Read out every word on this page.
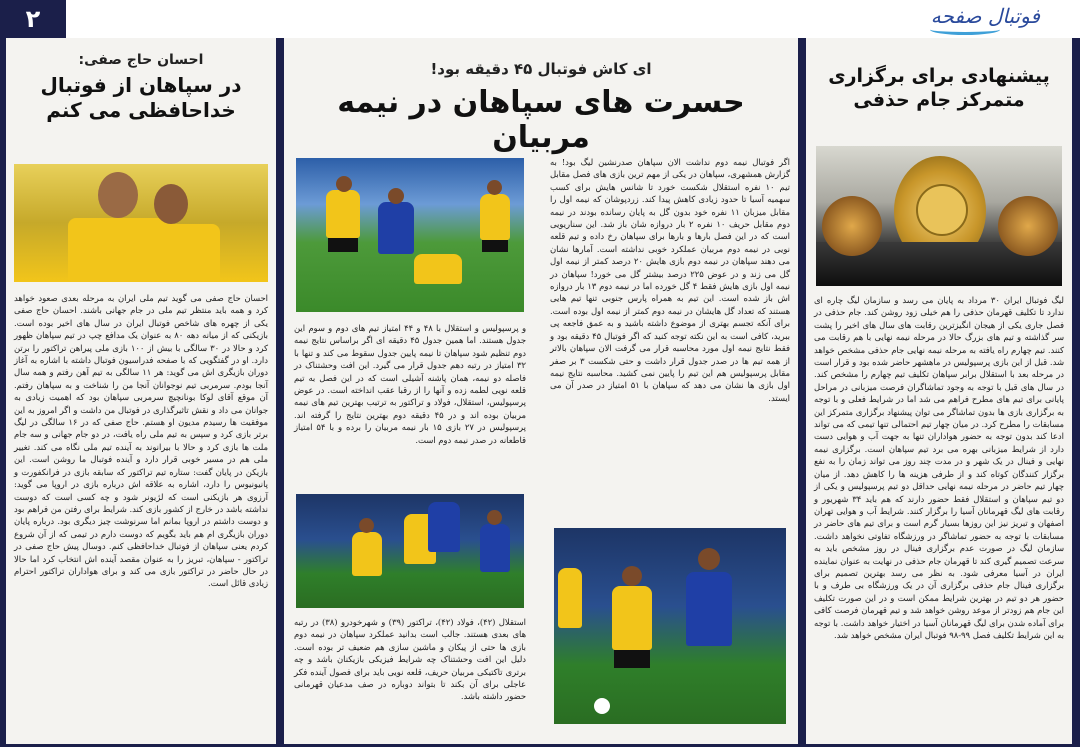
۲	فوتبال صفحه
پیشنهادی برای برگزاری
متمرکز جام حذفی
لیگ فوتبال ایران ۳۰ مرداد به پایان می رسد و سازمان لیگ چاره ای ندارد تا تکلیف قهرمان حذفی را هم خیلی زود روشن کند. جام حذفی در فصل جاری یکی از هیجان انگیزترین رقابت های سال های اخیر را پشت سر گذاشته و تیم های بزرگ حالا در مرحله نیمه نهایی با هم رقابت می کنند. تیم چهارم راه یافته به مرحله نیمه نهایی جام حذفی مشخص خواهد شد. قبل از این بازی پرسپولیس در ماهشهر حاضر شده بود و قرار است در مرحله بعد با استقلال برابر سپاهان تکلیف تیم چهارم را مشخص کند. در سال های قبل با توجه به وجود تماشاگران فرصت میزبانی در مراحل پایانی برای تیم های مطرح فراهم می شد اما در شرایط فعلی و با توجه به برگزاری بازی ها بدون تماشاگر می توان پیشنهاد برگزاری متمرکز این مسابقات را مطرح کرد. در میان چهار تیم احتمالی تنها تیمی که می تواند ادعا کند بدون توجه به حضور هواداران تنها به جهت آب و هوایی دست دارد از شرایط میزبانی بهره می برد تیم سپاهان است. برگزاری نیمه نهایی و فینال در یک شهر و در مدت چند روز می تواند زمان را به نفع برگزار کنندگان کوتاه کند و از طرفی هزینه ها را کاهش دهد. از میان چهار تیم حاضر در مرحله نیمه نهایی حداقل دو تیم پرسپولیس و یکی از دو تیم سپاهان و استقلال فقط حضور دارند که هم باید ۳۴ شهریور و رقابت های لیگ قهرمانان آسیا را برگزار کنند. شرایط آب و هوایی تهران اصفهان و تبریز نیز این روزها بسیار گرم است و برای تیم های حاضر در مسابقات با توجه به حضور تماشاگر در ورزشگاه تفاوتی نخواهد داشت. سازمان لیگ در صورت عدم برگزاری فینال در روز مشخص باید به سرعت تصمیم گیری کند تا قهرمان جام حذفی در نهایت به عنوان نماینده ایران در آسیا معرفی شود. به نظر می رسد بهترین تصمیم برای برگزاری فینال جام حذفی برگزاری آن در یک ورزشگاه بی طرف و با حضور هر دو تیم در بهترین شرایط ممکن است و در این صورت تکلیف این جام هم زودتر از موعد روشن خواهد شد و تیم قهرمان فرصت کافی برای آماده شدن برای لیگ قهرمانان آسیا در اختیار خواهد داشت. با توجه به این شرایط تکلیف فصل ۹۹-۹۸ فوتبال ایران مشخص خواهد شد.
ای کاش فوتبال ۴۵ دقیقه بود!
حسرت های سپاهان در نیمه مربیان
اگر فوتبال نیمه دوم نداشت الان سپاهان صدرنشین لیگ بود! به گزارش همشهری، سپاهان در یکی از مهم ترین بازی های فصل مقابل تیم ۱۰ نفره استقلال شکست خورد تا شانس هایش برای کسب سهمیه آسیا تا حدود زیادی کاهش پیدا کند. زردپوشان که نیمه اول را مقابل میزبان ۱۱ نفره خود بدون گل به پایان رسانده بودند در نیمه دوم مقابل حریف ۱۰ نفره ۲ بار دروازه شان باز شد. این سناریویی است که در این فصل بارها و بارها برای سپاهان رخ داده و تیم قلعه نویی در نیمه دوم مربیان عملکرد خوبی نداشته است. آمارها نشان می دهند سپاهان در نیمه دوم بازی هایش ۲۰ درصد کمتر از نیمه اول گل می زند و در عوض ۲۲۵ درصد بیشتر گل می خورد! سپاهان در نیمه اول بازی هایش فقط ۴ گل خورده اما در نیمه دوم ۱۳ بار دروازه اش باز شده است. این تیم به همراه پارس جنوبی تنها تیم هایی هستند که تعداد گل هایشان در نیمه دوم کمتر از نیمه اول بوده است. برای آنکه تجسم بهتری از موضوع داشته باشید و به عمق فاجعه پی ببرید، کافی است به این نکته توجه کنید که اگر فوتبال ۴۵ دقیقه بود و فقط نتایج نیمه اول مورد محاسبه قرار می گرفت الان سپاهان بالاتر از همه تیم ها در صدر جدول قرار داشت و حتی شکست ۳ بر صفر مقابل پرسپولیس هم این تیم را پایین نمی کشید. محاسبه نتایج نیمه اول بازی ها نشان می دهد که سپاهان با ۵۱ امتیاز در صدر آن می ایستد.
و پرسپولیس و استقلال با ۴۸ و ۴۴ امتیاز تیم های دوم و سوم این جدول هستند. اما همین جدول ۴۵ دقیقه ای اگر براساس نتایج نیمه دوم تنظیم شود سپاهان تا نیمه پایین جدول سقوط می کند و تنها با ۳۲ امتیاز در رتبه دهم جدول قرار می گیرد. این افت وحشتناک در فاصله دو نیمه، همان پاشنه آشیلی است که در این فصل به تیم قلعه نویی لطمه زده و آنها را از رقبا عقب انداخته است. در عوض پرسپولیس، استقلال، فولاد و تراکتور به ترتیب بهترین تیم های نیمه مربیان بوده اند و در ۴۵ دقیقه دوم بهترین نتایج را گرفته اند. پرسپولیس در ۲۷ بازی ۱۵ بار نیمه مربیان را برده و با ۵۴ امتیاز قاطعانه در صدر نیمه دوم است.
استقلال (۴۲)، فولاد (۴۲)، تراکتور (۳۹) و شهرخودرو (۳۸) در رتبه های بعدی هستند. جالب است بدانید عملکرد سپاهان در نیمه دوم بازی ها حتی از پیکان و ماشین سازی هم ضعیف تر بوده است. دلیل این افت وحشتناک چه شرایط فیزیکی بازیکنان باشد و چه برتری تاکتیکی مربیان حریف، قلعه نویی باید برای فصول آینده فکر عاجلی برای آن بکند تا بتواند دوباره در صف مدعیان قهرمانی حضور داشته باشد.
احسان حاج صفی:
در سپاهان از فوتبال
خداحافظی می کنم
احسان حاج صفی می گوید تیم ملی ایران به مرحله بعدی صعود خواهد کرد و همه باید منتظر تیم ملی در جام جهانی باشند. احسان حاج صفی یکی از چهره های شاخص فوتبال ایران در سال های اخیر بوده است. بازیکنی که از میانه دهه ۸۰ به عنوان یک مدافع چپ در تیم سپاهان ظهور کرد و حالا در ۳۰ سالگی با بیش از ۱۰۰ بازی ملی پیراهن تراکتور را برتن دارد. او در گفتگویی که با صفحه فدراسیون فوتبال داشته با اشاره به آغاز دوران بازیگری اش می گوید: هر ۱۱ سالگی به تیم آهن رفتم و همه سال آنجا بودم. سرمربی تیم نوجوانان آنجا من را شناخت و به سپاهان رفتم. آن موقع آقای لوکا بونانچیچ سرمربی سپاهان بود که اهمیت زیادی به جوانان می داد و نقش تاثیرگذاری در فوتبال من داشت و اگر امروز به این موفقیت ها رسیدم مدیون او هستم. حاج صفی که در ۱۶ سالگی در لیگ برتر بازی کرد و سپس به تیم ملی راه یافت، در دو جام جهانی و سه جام ملت ها بازی کرد و حالا با بیرانوند به آینده تیم ملی نگاه می کند. تغییر ملی هم در مسیر خوبی قرار دارد و آینده فوتبال ما روشن است. این بازیکن در پایان گفت: ستاره تیم تراکتور که سابقه بازی در فرانکفورت و پانیونیوس را دارد، اشاره به علاقه اش درباره بازی در اروپا می گوید: آرزوی هر بازیکنی است که لژیونر شود و چه کسی است که دوست نداشته باشد در خارج از کشور بازی کند. شرایط برای رفتن من فراهم بود و دوست داشتم در اروپا بمانم اما سرنوشت چیز دیگری بود. درباره پایان دوران بازیگری ام هم باید بگویم که دوست دارم در تیمی که از آن شروع کردم یعنی سپاهان از فوتبال خداحافظی کنم. دوسال پیش حاج صفی در تراکتور - سپاهان، تبریز را به عنوان مقصد آینده اش انتخاب کرد اما حالا در حال حاضر در تراکتور بازی می کند و برای هواداران تراکتور احترام زیادی قائل است.
